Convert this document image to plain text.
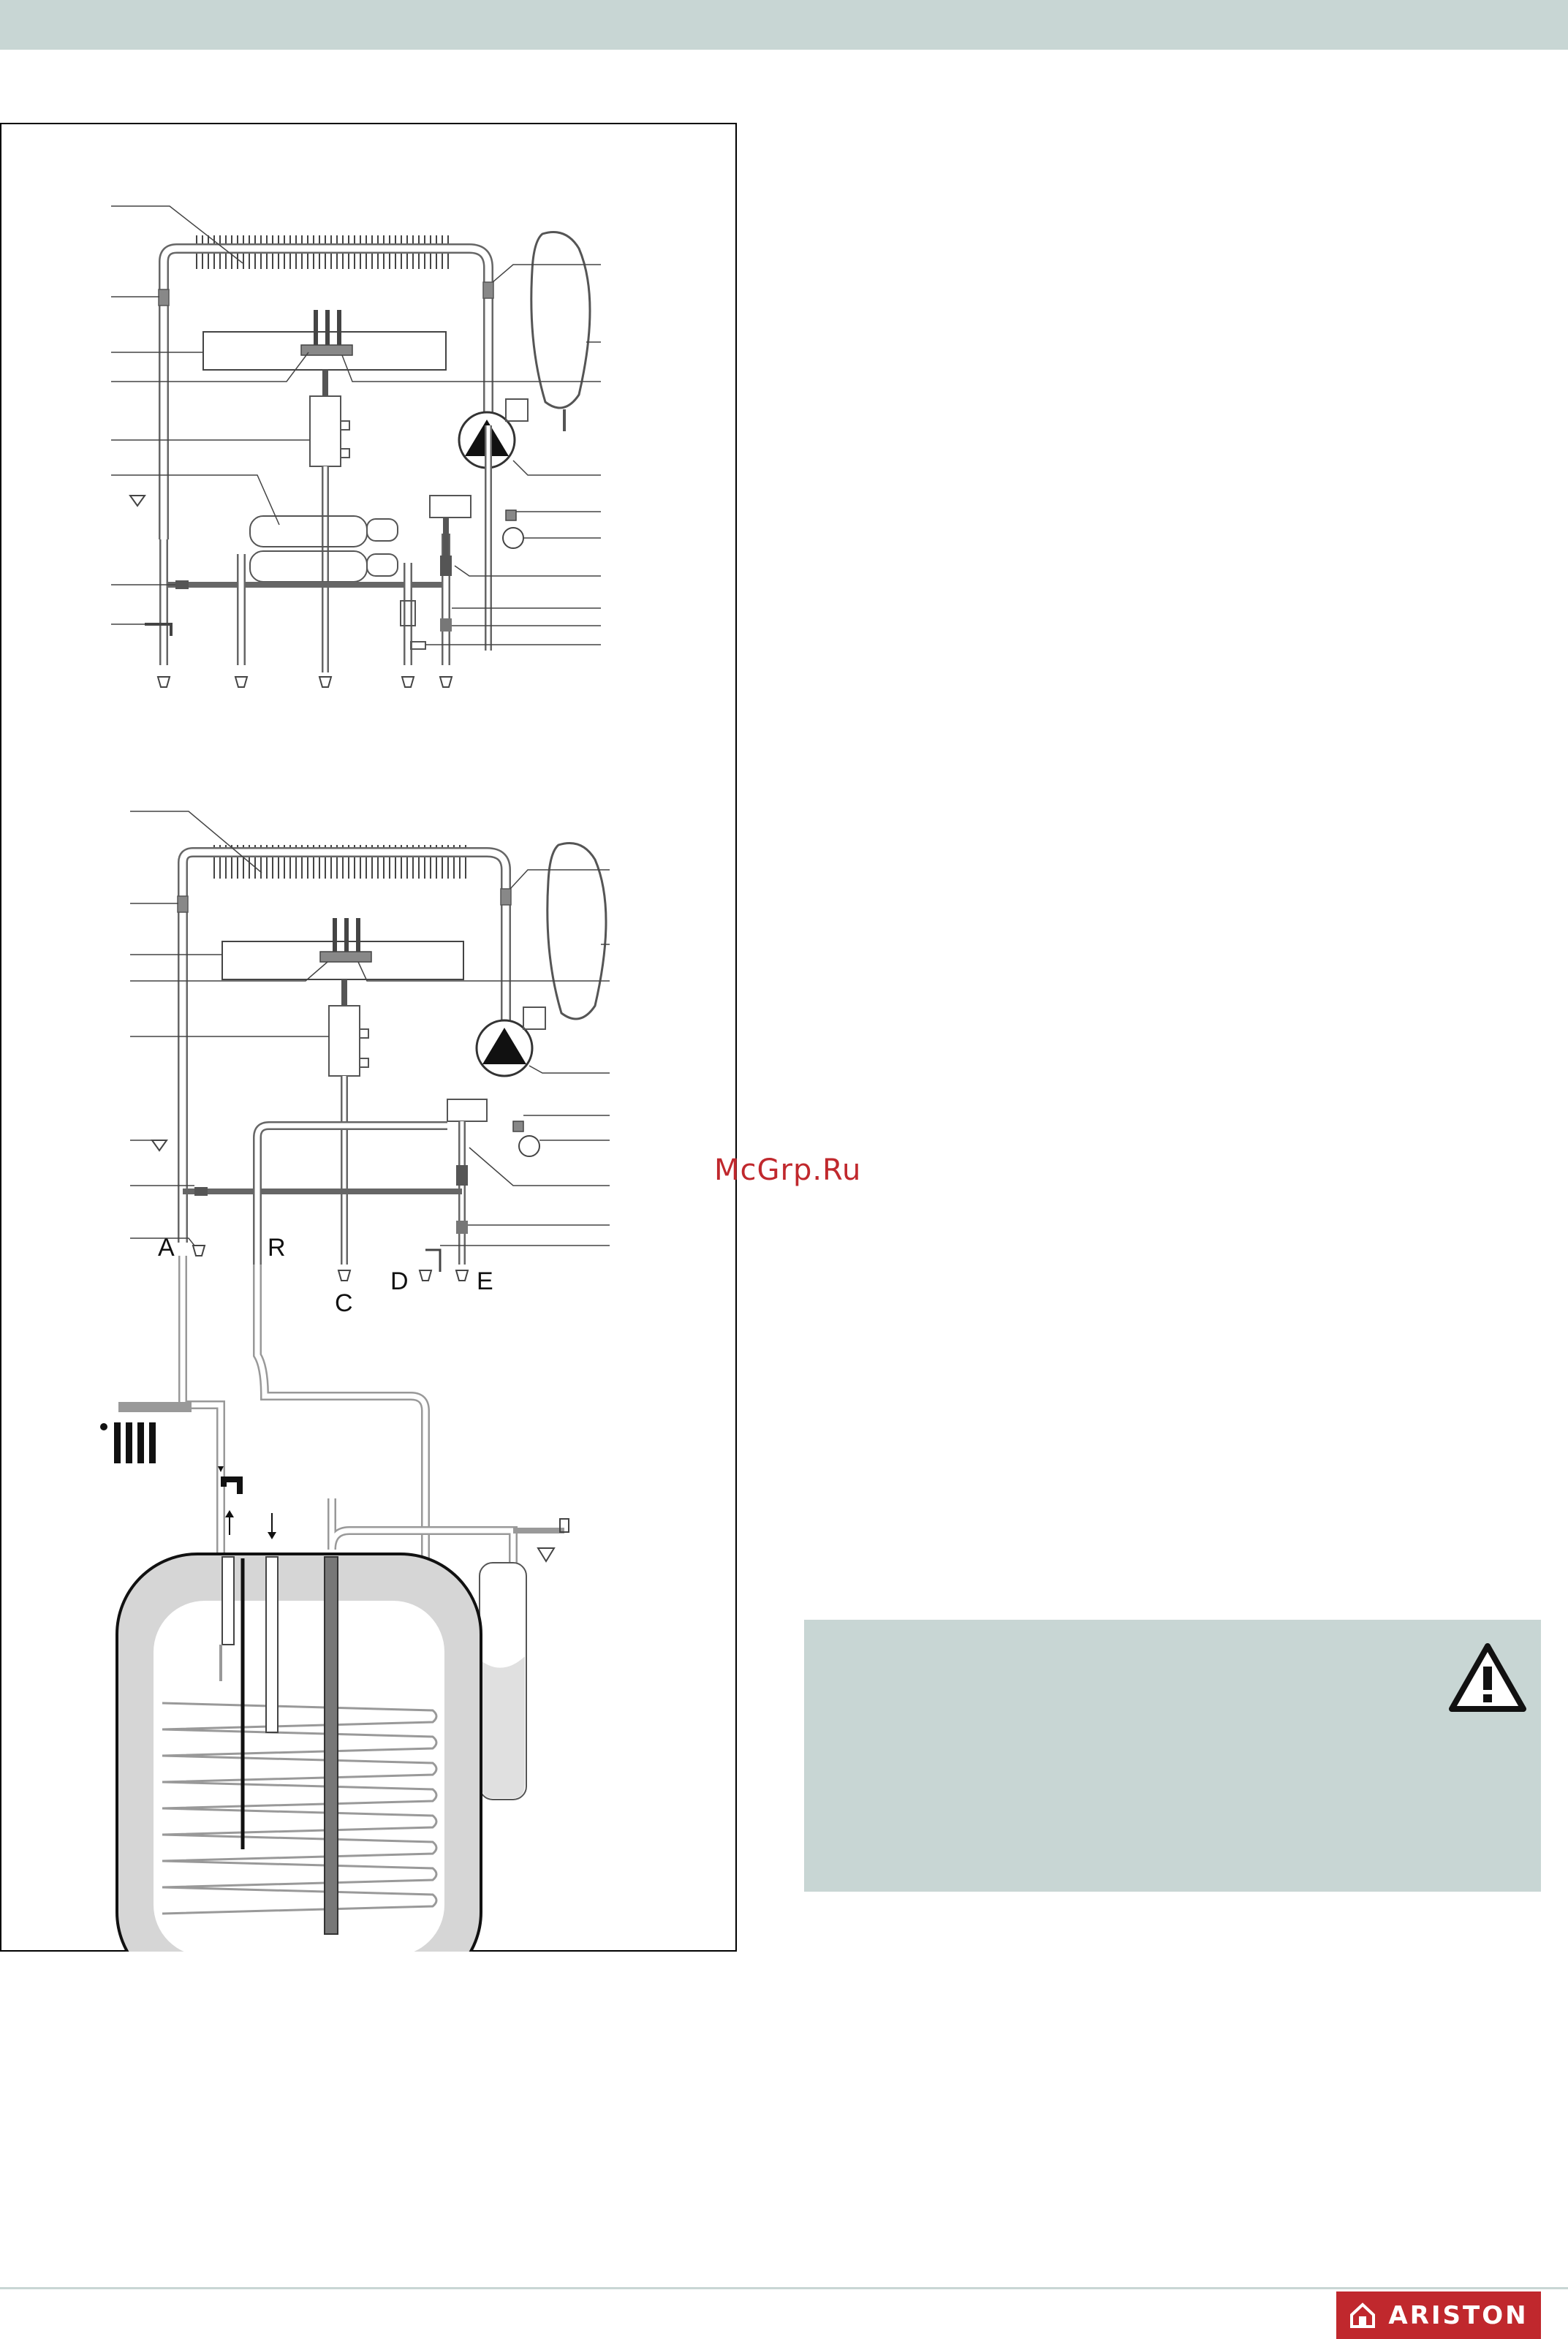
A	R
C
D	E
McGrp.Ru
ARISTON
